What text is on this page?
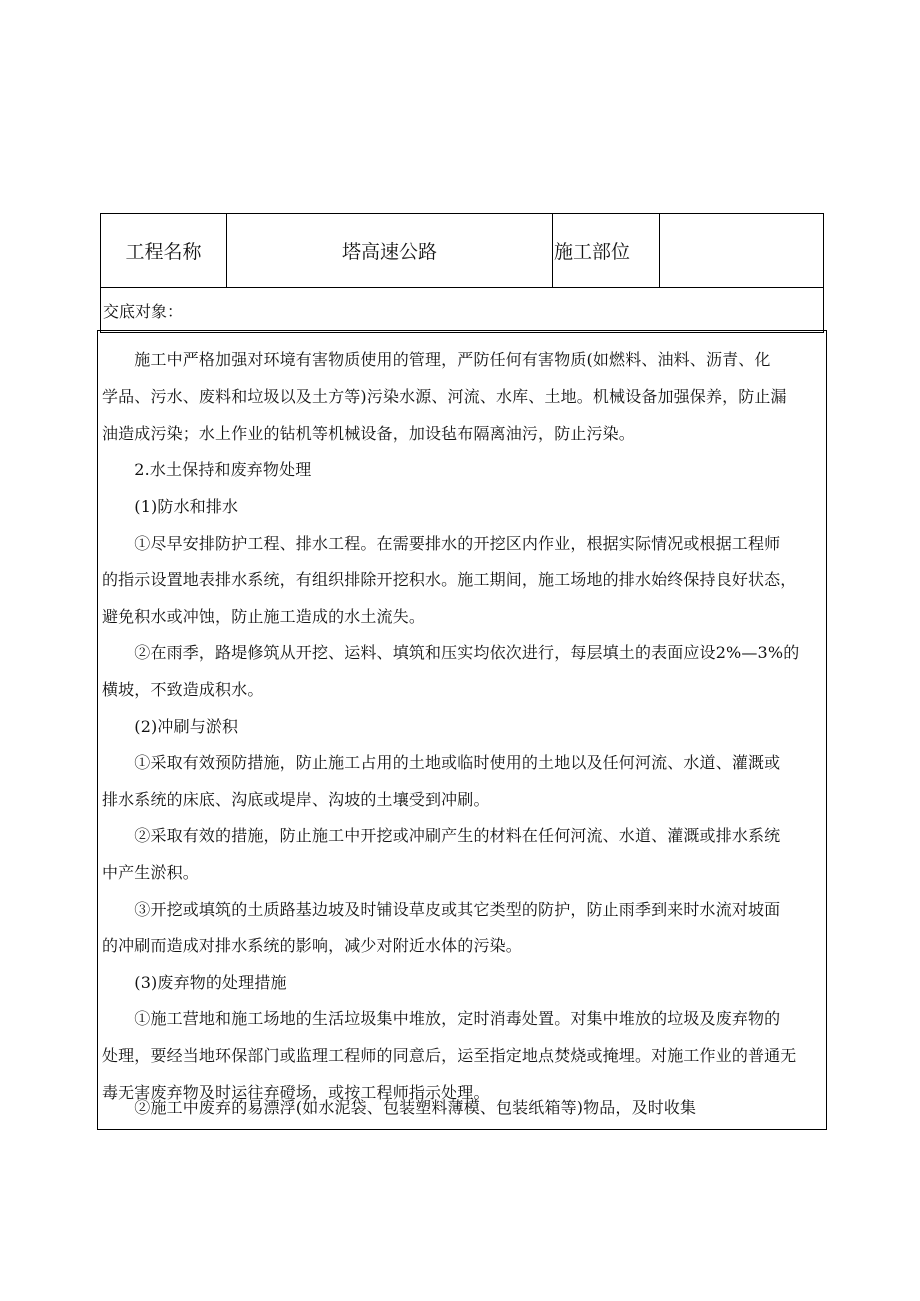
工程名称	塔高速公路	施工部位
交底对象：
　　施工中严格加强对环境有害物质使用的管理，严防任何有害物质(如燃料、油料、沥青、化
学品、污水、废料和垃圾以及土方等)污染水源、河流、水库、土地。机械设备加强保养，防止漏
油造成污染；水上作业的钻机等机械设备，加设毡布隔离油污，防止污染。
　　2.水土保持和废弃物处理
　　(1)防水和排水
　　①尽早安排防护工程、排水工程。在需要排水的开挖区内作业，根据实际情况或根据工程师
的指示设置地表排水系统，有组织排除开挖积水。施工期间，施工场地的排水始终保持良好状态，
避免积水或冲蚀，防止施工造成的水土流失。
　　②在雨季，路堤修筑从开挖、运料、填筑和压实均依次进行，每层填土的表面应设2%—3%的
横坡，不致造成积水。
　　(2)冲刷与淤积
　　①采取有效预防措施，防止施工占用的土地或临时使用的土地以及任何河流、水道、灌溉或
排水系统的床底、沟底或堤岸、沟坡的土壤受到冲刷。
　　②采取有效的措施，防止施工中开挖或冲刷产生的材料在任何河流、水道、灌溉或排水系统
中产生淤积。
　　③开挖或填筑的土质路基边坡及时铺设草皮或其它类型的防护，防止雨季到来时水流对坡面
的冲刷而造成对排水系统的影响，减少对附近水体的污染。
　　(3)废弃物的处理措施
　　①施工营地和施工场地的生活垃圾集中堆放，定时消毒处置。对集中堆放的垃圾及废弃物的
处理，要经当地环保部门或监理工程师的同意后，运至指定地点焚烧或掩埋。对施工作业的普通无
毒无害废弃物及时运往弃磴场，或按工程师指示处理。
　　②施工中废弃的易漂浮(如水泥袋、包装塑料薄模、包装纸箱等)物品，及时收集
